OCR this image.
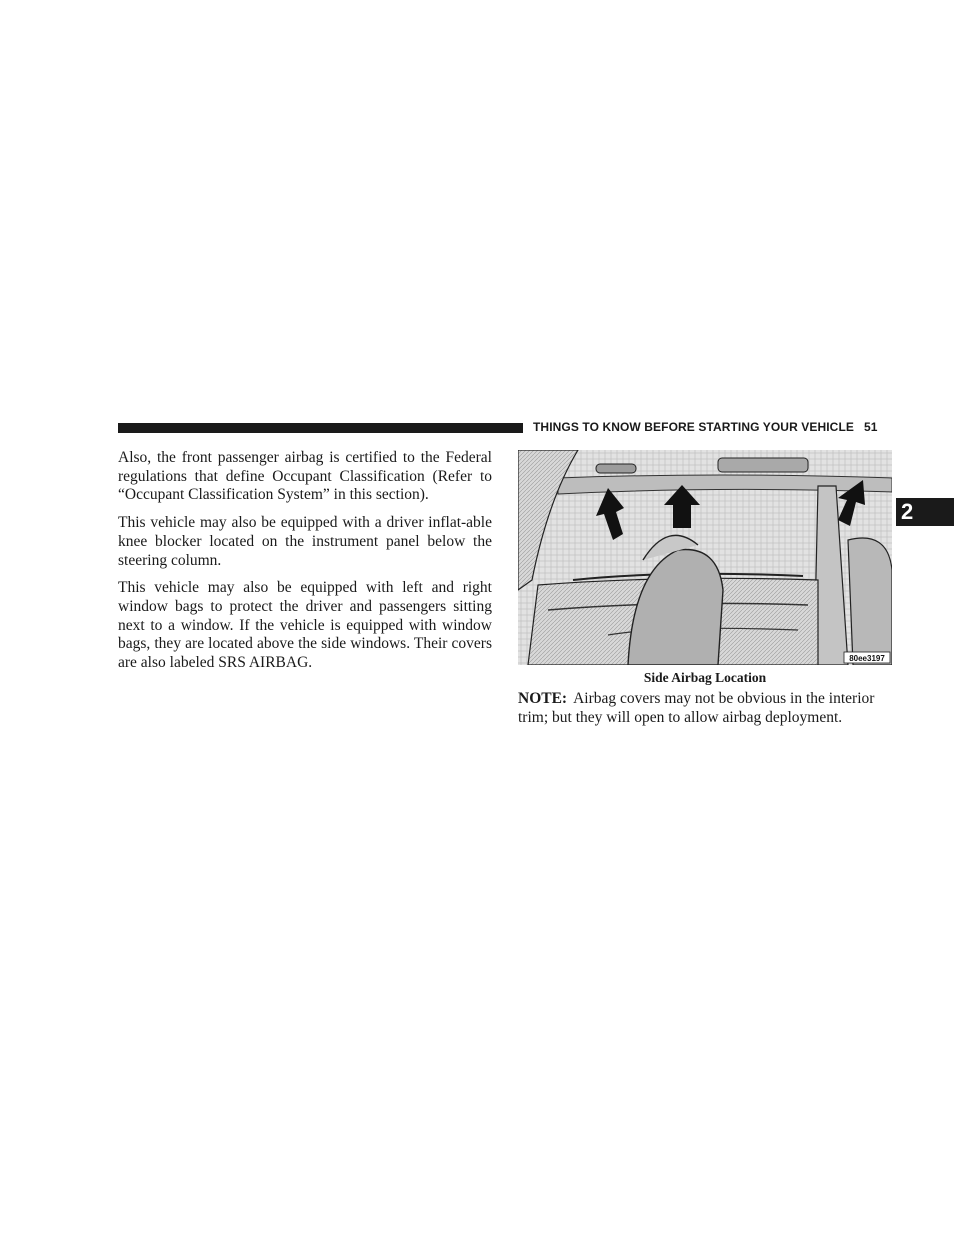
THINGS TO KNOW BEFORE STARTING YOUR VEHICLE 51
2

Also, the front passenger airbag is certified to the Federal regulations that define Occupant Classification (Refer to “Occupant Classification System” in this section).

This vehicle may also be equipped with a driver inflat-able knee blocker located on the instrument panel below the steering column.

This vehicle may also be equipped with left and right window bags to protect the driver and passengers sitting next to a window. If the vehicle is equipped with window bags, they are located above the side windows. Their covers are also labeled SRS AIRBAG.	80ee3197
Side Airbag Location

NOTE: Airbag covers may not be obvious in the interior trim; but they will open to allow airbag deployment.
